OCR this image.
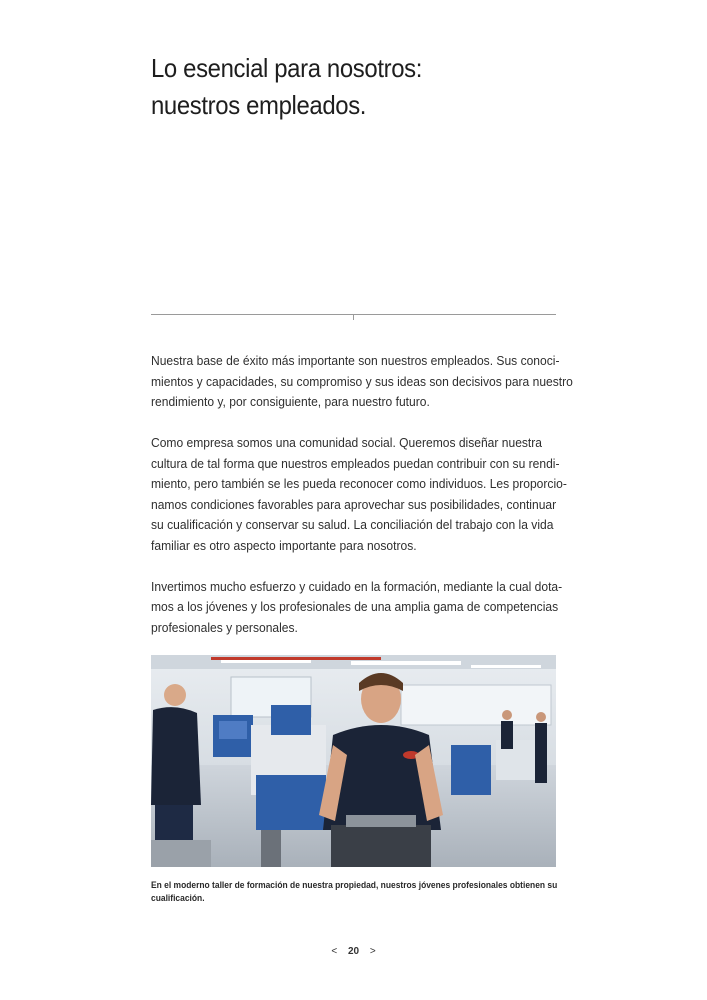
Lo esencial para nosotros:
nuestros empleados.

Nuestra base de éxito más importante son nuestros empleados. Sus conoci-
mientos y capacidades, su compromiso y sus ideas son decisivos para nuestro
rendimiento y, por consiguiente, para nuestro futuro.

Como empresa somos una comunidad social. Queremos diseñar nuestra
cultura de tal forma que nuestros empleados puedan contribuir con su rendi-
miento, pero también se les pueda reconocer como individuos. Les proporcio-
namos condiciones favorables para aprovechar sus posibilidades, continuar
su cualificación y conservar su salud. La conciliación del trabajo con la vida
familiar es otro aspecto importante para nosotros.

Invertimos mucho esfuerzo y cuidado en la formación, mediante la cual dota-
mos a los jóvenes y los profesionales de una amplia gama de competencias
profesionales y personales.

En el moderno taller de formación de nuestra propiedad, nuestros jóvenes profesionales obtienen su
cualificación.
< 20 >
